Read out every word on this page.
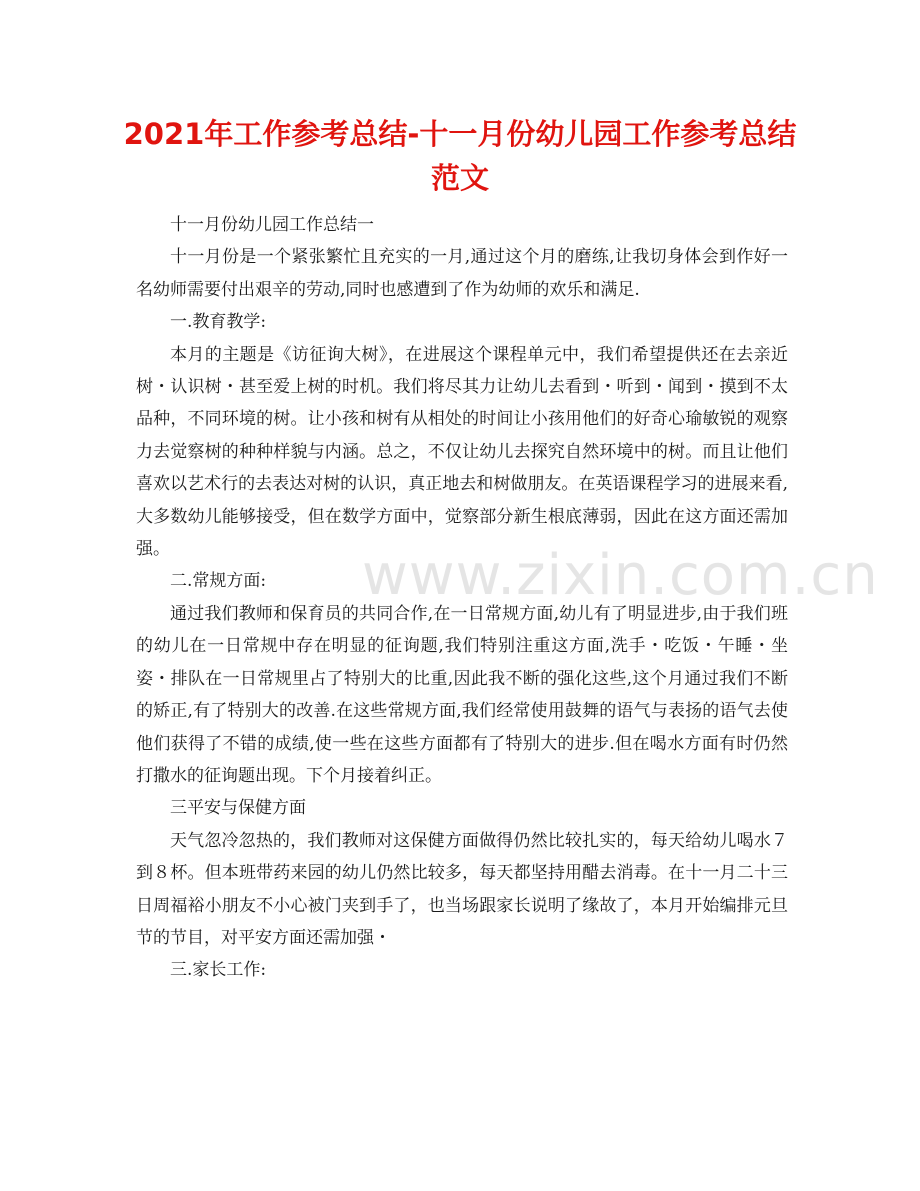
2021年工作参考总结-十一月份幼儿园工作参考总结范文

十一月份幼儿园工作总结一

十一月份是一个紧张繁忙且充实的一月,通过这个月的磨练,让我切身体会到作好一名幼师需要付出艰辛的劳动,同时也感遭到了作为幼师的欢乐和满足.

一.教育教学:

本月的主题是《访征询大树》，在进展这个课程单元中，我们希望提供还在去亲近树・认识树・甚至爱上树的时机。我们将尽其力让幼儿去看到・听到・闻到・摸到不太品种，不同环境的树。让小孩和树有从相处的时间让小孩用他们的好奇心瑜敏锐的观察力去觉察树的种种样貌与内涵。总之，不仅让幼儿去探究自然环境中的树。而且让他们喜欢以艺术行的去表达对树的认识，真正地去和树做朋友。在英语课程学习的进展来看,大多数幼儿能够接受，但在数学方面中，觉察部分新生根底薄弱，因此在这方面还需加强。

二.常规方面:

通过我们教师和保育员的共同合作,在一日常规方面,幼儿有了明显进步,由于我们班的幼儿在一日常规中存在明显的征询题,我们特别注重这方面,洗手・吃饭・午睡・坐姿・排队在一日常规里占了特别大的比重,因此我不断的强化这些,这个月通过我们不断的矫正,有了特别大的改善.在这些常规方面,我们经常使用鼓舞的语气与表扬的语气去使他们获得了不错的成绩,使一些在这些方面都有了特别大的进步.但在喝水方面有时仍然打撒水的征询题出现。下个月接着纠正。

三平安与保健方面

天气忽冷忽热的，我们教师对这保健方面做得仍然比较扎实的，每天给幼儿喝水７到８杯。但本班带药来园的幼儿仍然比较多，每天都坚持用醋去消毒。在十一月二十三日周福裕小朋友不小心被门夹到手了，也当场跟家长说明了缘故了，本月开始编排元旦节的节目，对平安方面还需加强・

三.家长工作:

www.zixin.com.cn
